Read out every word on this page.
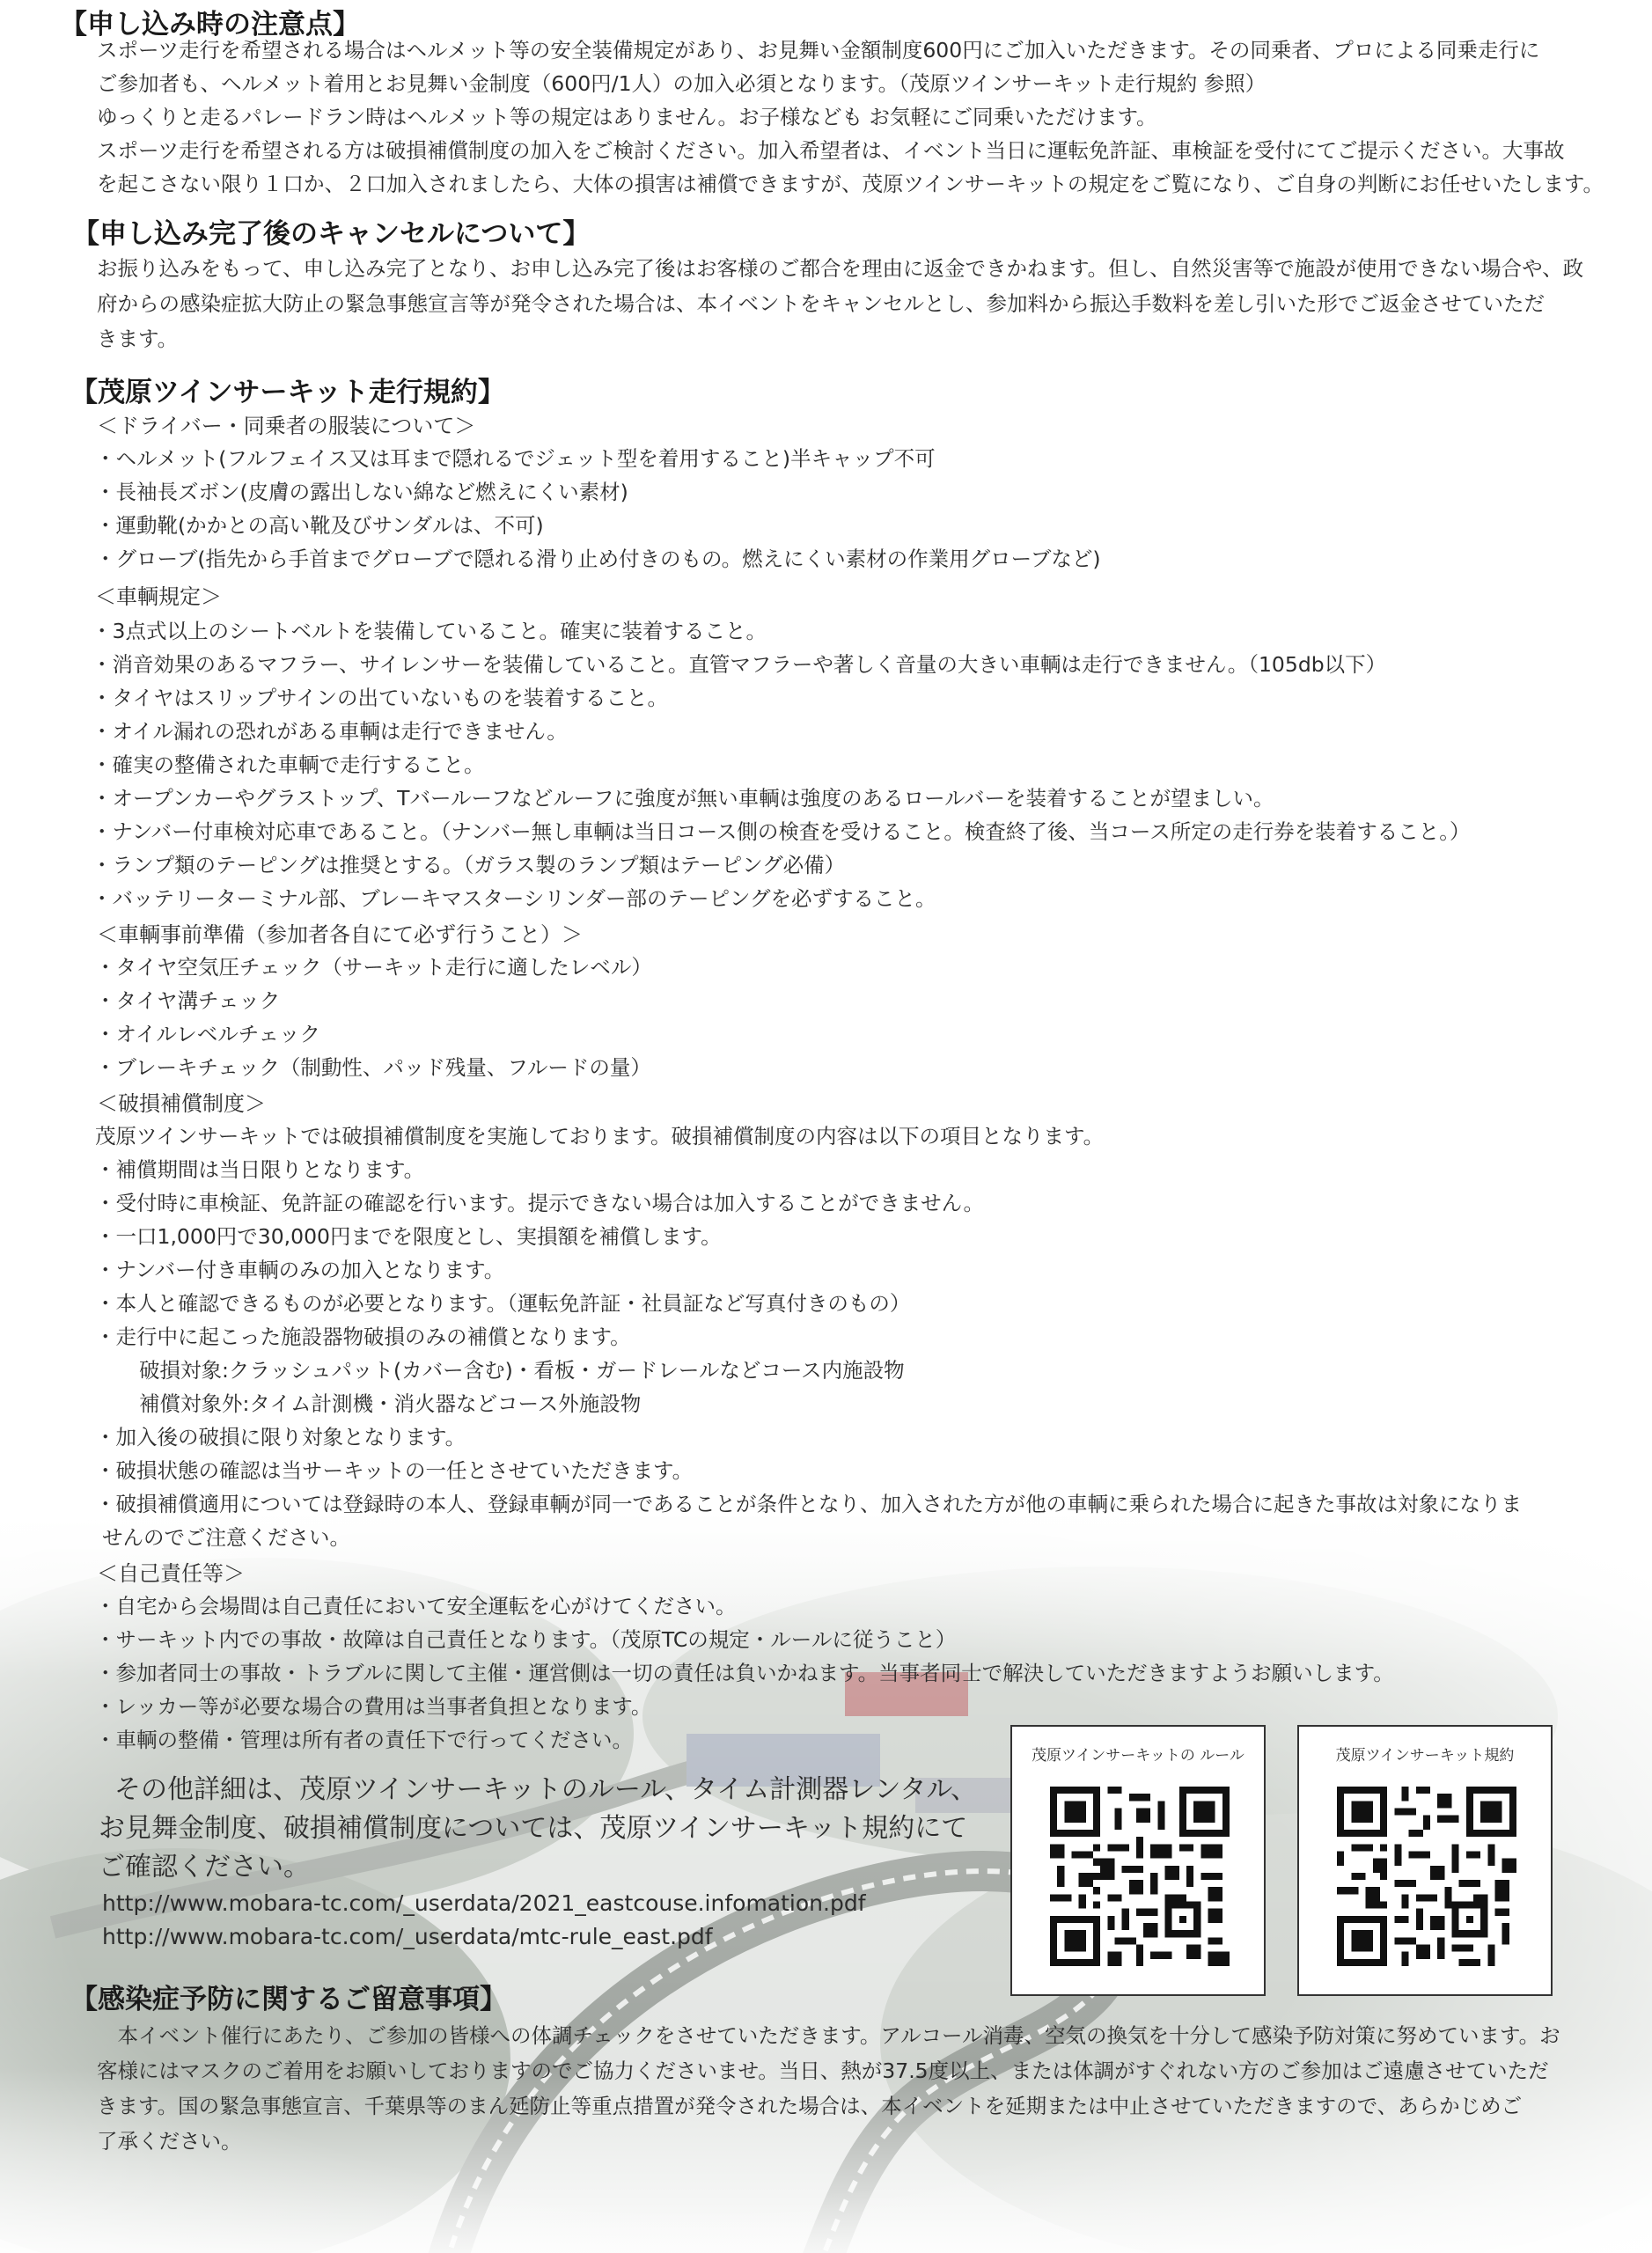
【申し込み時の注意点】
スポーツ走行を希望される場合はヘルメット等の安全装備規定があり、お見舞い金額制度600円にご加入いただきます。その同乗者、プロによる同乗走行に
ご参加者も、ヘルメット着用とお見舞い金制度（600円/1人）の加入必須となります。（茂原ツインサーキット走行規約 参照）
ゆっくりと走るパレードラン時はヘルメット等の規定はありません。お子様なども お気軽にご同乗いただけます。
スポーツ走行を希望される方は破損補償制度の加入をご検討ください。加入希望者は、イベント当日に運転免許証、車検証を受付にてご提示ください。大事故
を起こさない限り１口か、２口加入されましたら、大体の損害は補償できますが、茂原ツインサーキットの規定をご覧になり、ご自身の判断にお任せいたします。
【申し込み完了後のキャンセルについて】
お振り込みをもって、申し込み完了となり、お申し込み完了後はお客様のご都合を理由に返金できかねます。但し、自然災害等で施設が使用できない場合や、政
府からの感染症拡大防止の緊急事態宣言等が発令された場合は、本イベントをキャンセルとし、参加料から振込手数料を差し引いた形でご返金させていただ
きます。
【茂原ツインサーキット走行規約】
＜ドライバー・同乗者の服装について＞
・ヘルメット(フルフェイス又は耳まで隠れるでジェット型を着用すること)半キャップ不可
・長袖長ズボン(皮膚の露出しない綿など燃えにくい素材)
・運動靴(かかとの高い靴及びサンダルは、不可)
・グローブ(指先から手首までグローブで隠れる滑り止め付きのもの。燃えにくい素材の作業用グローブなど)
＜車輌規定＞
・3点式以上のシートベルトを装備していること。確実に装着すること。
・消音効果のあるマフラー、サイレンサーを装備していること。直管マフラーや著しく音量の大きい車輌は走行できません。（105db以下）
・タイヤはスリップサインの出ていないものを装着すること。
・オイル漏れの恐れがある車輌は走行できません。
・確実の整備された車輌で走行すること。
・オープンカーやグラストップ、Tバールーフなどルーフに強度が無い車輌は強度のあるロールバーを装着することが望ましい。
・ナンバー付車検対応車であること。（ナンバー無し車輌は当日コース側の検査を受けること。検査終了後、当コース所定の走行券を装着すること。）
・ランプ類のテーピングは推奨とする。（ガラス製のランプ類はテーピング必備）
・バッテリーターミナル部、ブレーキマスターシリンダー部のテーピングを必ずすること。
＜車輌事前準備（参加者各自にて必ず行うこと）＞
・タイヤ空気圧チェック（サーキット走行に適したレベル）
・タイヤ溝チェック
・オイルレベルチェック
・ブレーキチェック（制動性、パッド残量、フルードの量）
＜破損補償制度＞
茂原ツインサーキットでは破損補償制度を実施しております。破損補償制度の内容は以下の項目となります。
・補償期間は当日限りとなります。
・受付時に車検証、免許証の確認を行います。提示できない場合は加入することができません。
・一口1,000円で30,000円までを限度とし、実損額を補償します。
・ナンバー付き車輌のみの加入となります。
・本人と確認できるものが必要となります。（運転免許証・社員証など写真付きのもの）
・走行中に起こった施設器物破損のみの補償となります。
破損対象:クラッシュパット(カバー含む)・看板・ガードレールなどコース内施設物
補償対象外:タイム計測機・消火器などコース外施設物
・加入後の破損に限り対象となります。
・破損状態の確認は当サーキットの一任とさせていただきます。
・破損補償適用については登録時の本人、登録車輌が同一であることが条件となり、加入された方が他の車輌に乗られた場合に起きた事故は対象になりま
せんのでご注意ください。
＜自己責任等＞
・自宅から会場間は自己責任において安全運転を心がけてください。
・サーキット内での事故・故障は自己責任となります。（茂原TCの規定・ルールに従うこと）
・参加者同士の事故・トラブルに関して主催・運営側は一切の責任は負いかねます。当事者同士で解決していただきますようお願いします。
・レッカー等が必要な場合の費用は当事者負担となります。
・車輌の整備・管理は所有者の責任下で行ってください。
その他詳細は、茂原ツインサーキットのルール、タイム計測器レンタル、
お見舞金制度、破損補償制度については、茂原ツインサーキット規約にて
ご確認ください。
http://www.mobara-tc.com/_userdata/2021_eastcouse.infomation.pdf
http://www.mobara-tc.com/_userdata/mtc-rule_east.pdf
茂原ツインサーキットの ルール	茂原ツインサーキット規約
【感染症予防に関するご留意事項】
　本イベント催行にあたり、ご参加の皆様への体調チェックをさせていただきます。アルコール消毒、空気の換気を十分して感染予防対策に努めています。お
客様にはマスクのご着用をお願いしておりますのでご協力くださいませ。当日、熱が37.5度以上、または体調がすぐれない方のご参加はご遠慮させていただ
きます。国の緊急事態宣言、千葉県等のまん延防止等重点措置が発令された場合は、本イベントを延期または中止させていただきますので、あらかじめご
了承ください。
